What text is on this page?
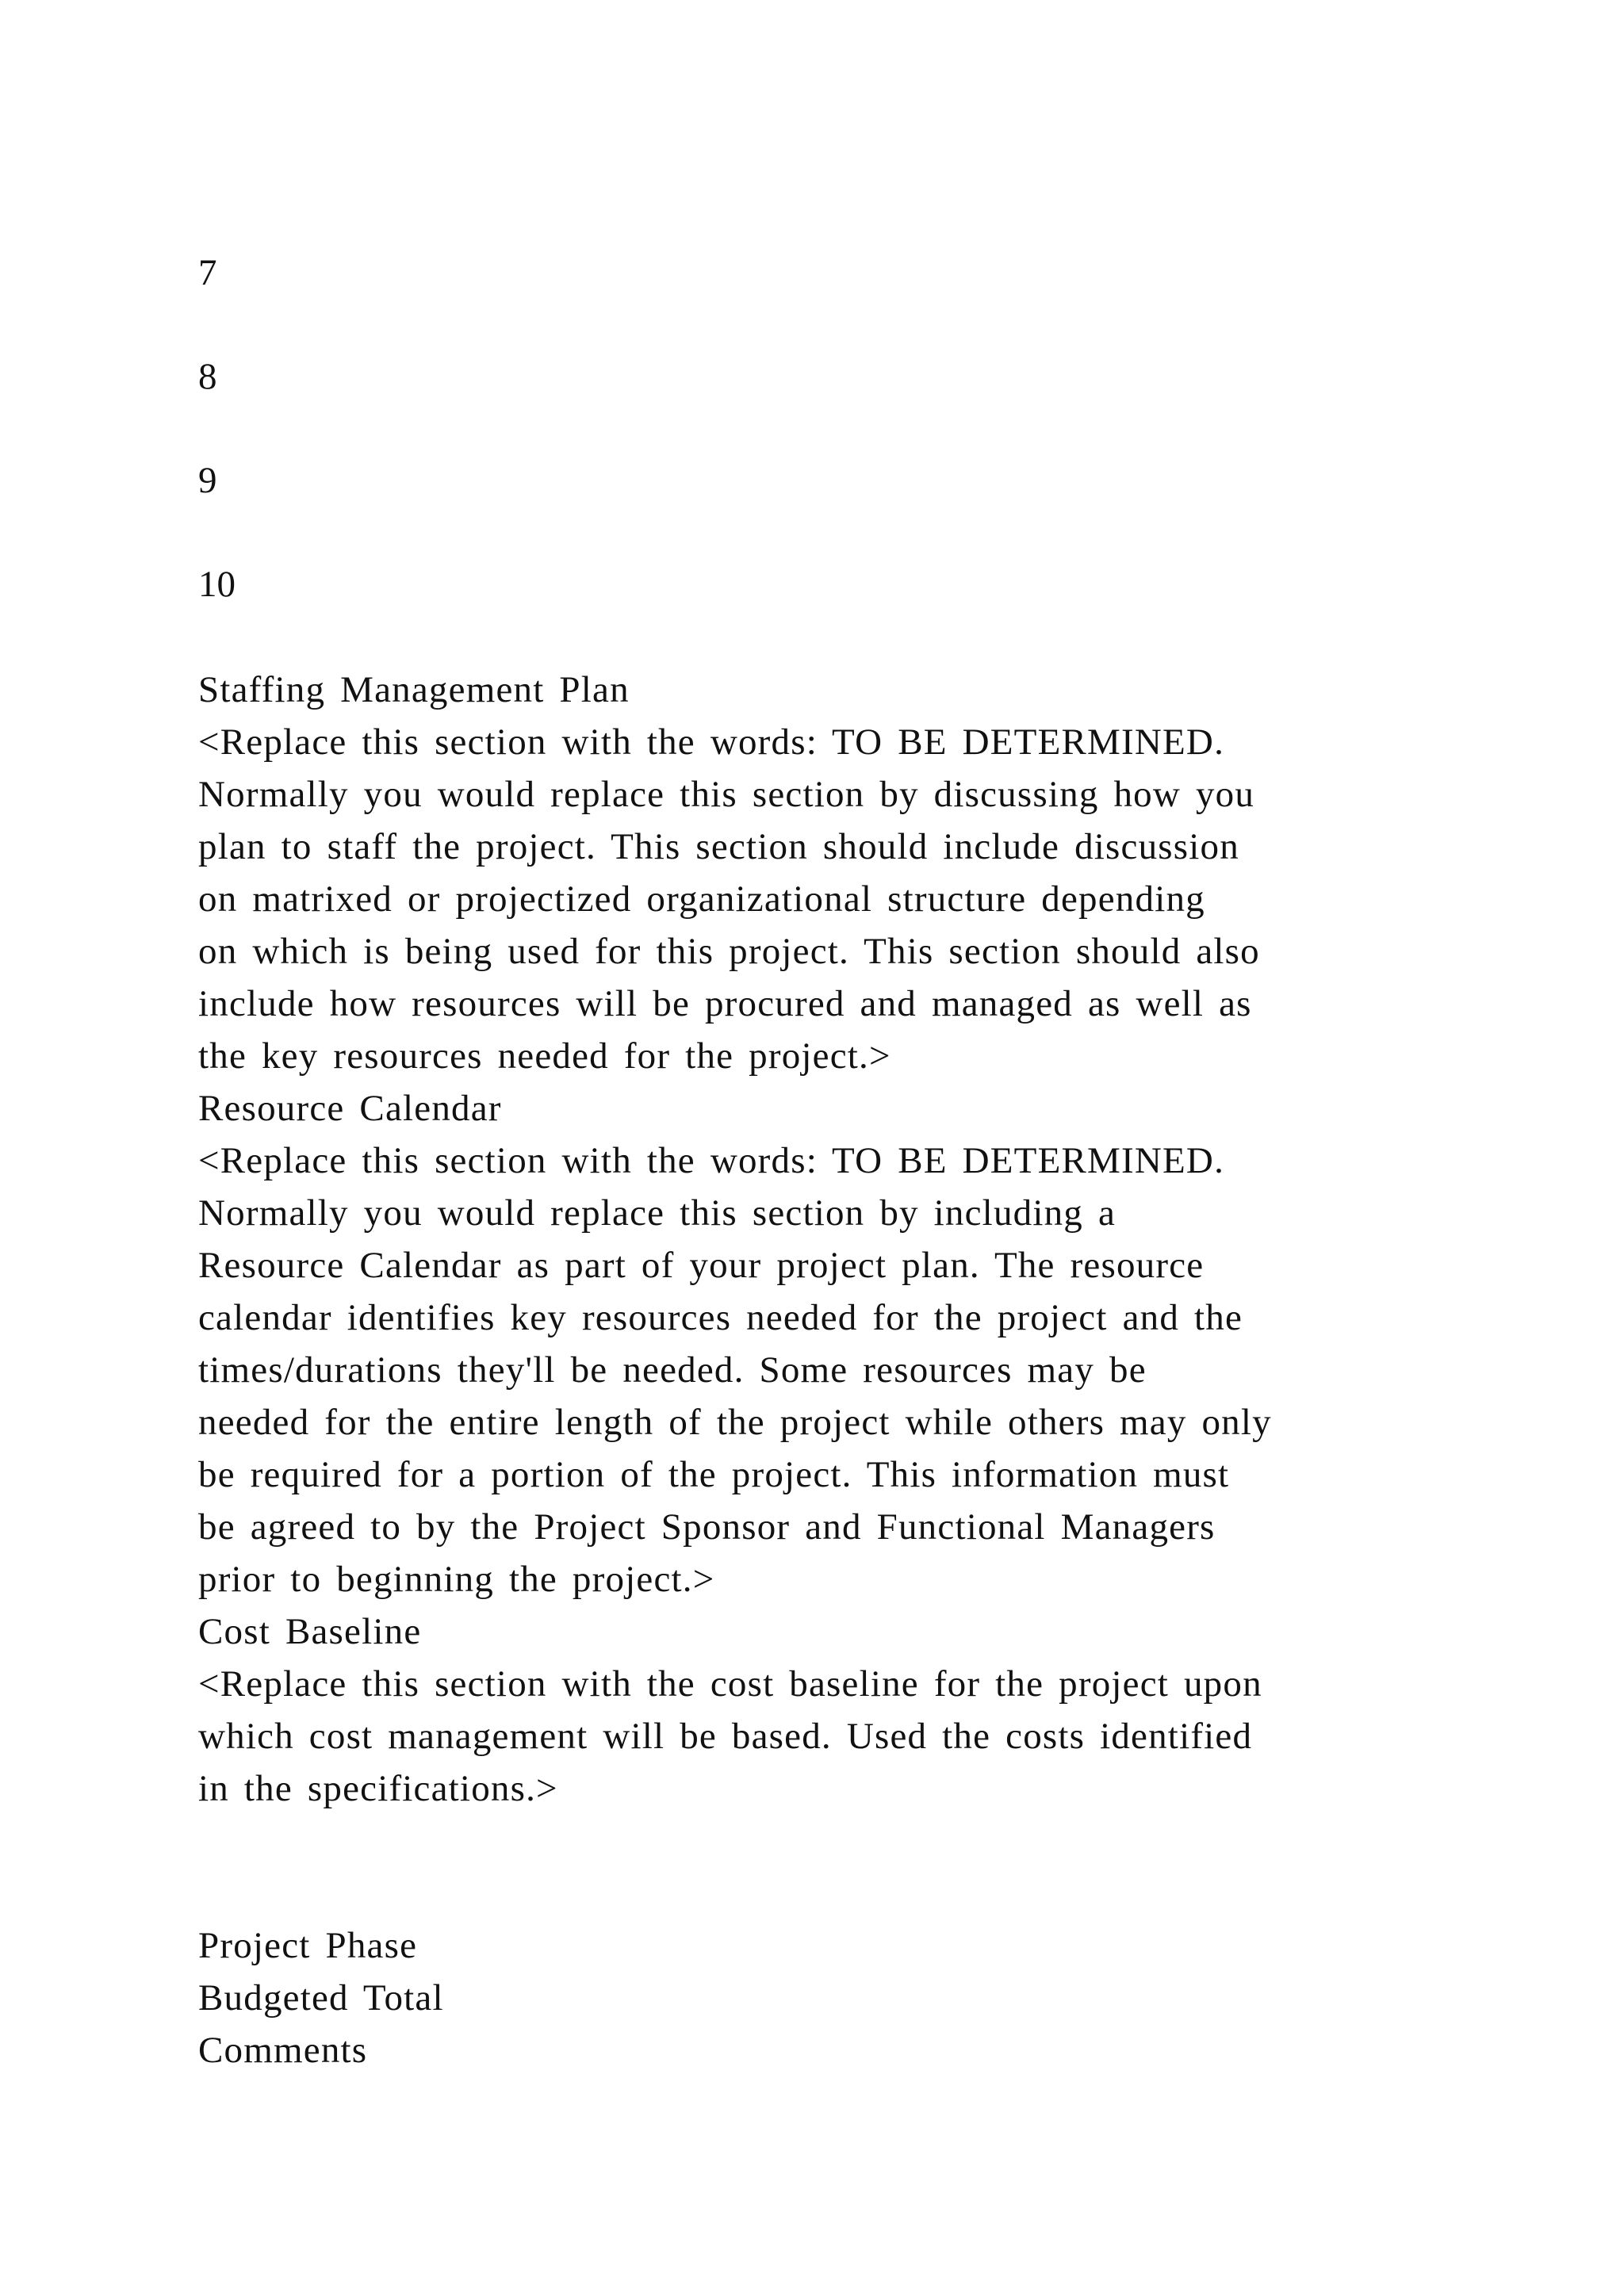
7
8
9
10
Staffing Management Plan
<Replace this section with the words: TO BE DETERMINED.
Normally you would replace this section by discussing how you
plan to staff the project. This section should include discussion
on matrixed or projectized organizational structure depending
on which is being used for this project. This section should also
include how resources will be procured and managed as well as
the key resources needed for the project.>
Resource Calendar
<Replace this section with the words: TO BE DETERMINED.
Normally you would replace this section by including a
Resource Calendar as part of your project plan. The resource
calendar identifies key resources needed for the project and the
times/durations they'll be needed. Some resources may be
needed for the entire length of the project while others may only
be required for a portion of the project. This information must
be agreed to by the Project Sponsor and Functional Managers
prior to beginning the project.>
Cost Baseline
<Replace this section with the cost baseline for the project upon
which cost management will be based. Used the costs identified
in the specifications.>
Project Phase
Budgeted Total
Comments
